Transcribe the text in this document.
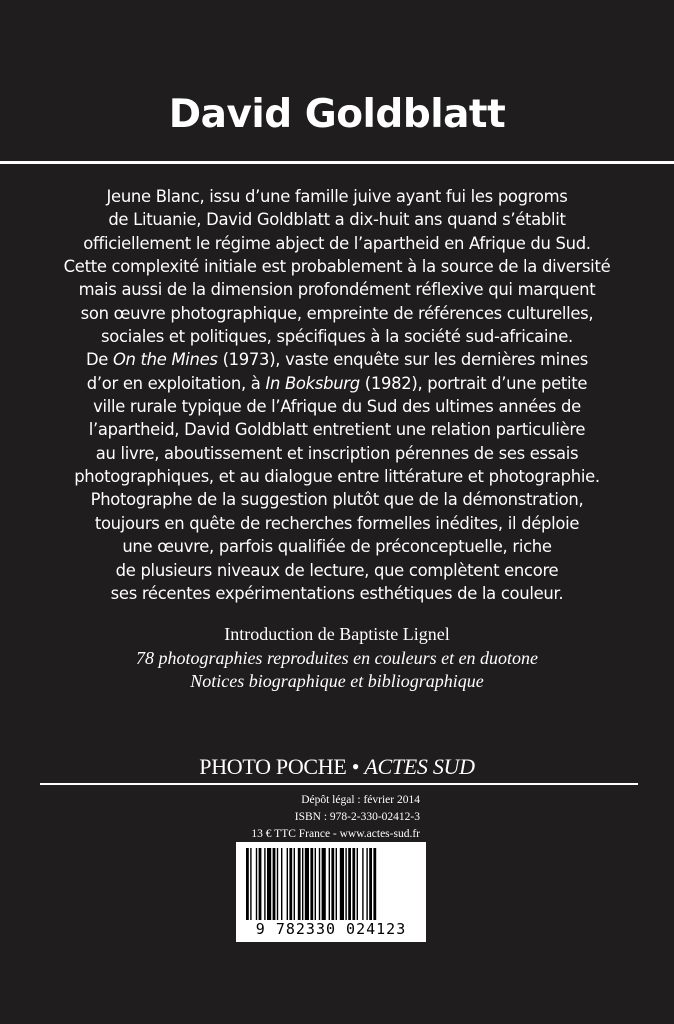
David Goldblatt
Jeune Blanc, issu d’une famille juive ayant fui les pogroms
de Lituanie, David Goldblatt a dix-huit ans quand s’établit
officiellement le régime abject de l’apartheid en Afrique du Sud.
Cette complexité initiale est probablement à la source de la diversité
mais aussi de la dimension profondément réflexive qui marquent
son œuvre photographique, empreinte de références culturelles,
sociales et politiques, spécifiques à la société sud-africaine.
De On the Mines (1973), vaste enquête sur les dernières mines
d’or en exploitation, à In Boksburg (1982), portrait d’une petite
ville rurale typique de l’Afrique du Sud des ultimes années de
l’apartheid, David Goldblatt entretient une relation particulière
au livre, aboutissement et inscription pérennes de ses essais
photographiques, et au dialogue entre littérature et photographie.
Photographe de la suggestion plutôt que de la démonstration,
toujours en quête de recherches formelles inédites, il déploie
une œuvre, parfois qualifiée de préconceptuelle, riche
de plusieurs niveaux de lecture, que complètent encore
ses récentes expérimentations esthétiques de la couleur.
Introduction de Baptiste Lignel
78 photographies reproduites en couleurs et en duotone
Notices biographique et bibliographique
PHOTO POCHE • ACTES SUD
Dépôt légal : février 2014
ISBN : 978-2-330-02412-3
13 € TTC France - www.actes-sud.fr
9 782330 024123
